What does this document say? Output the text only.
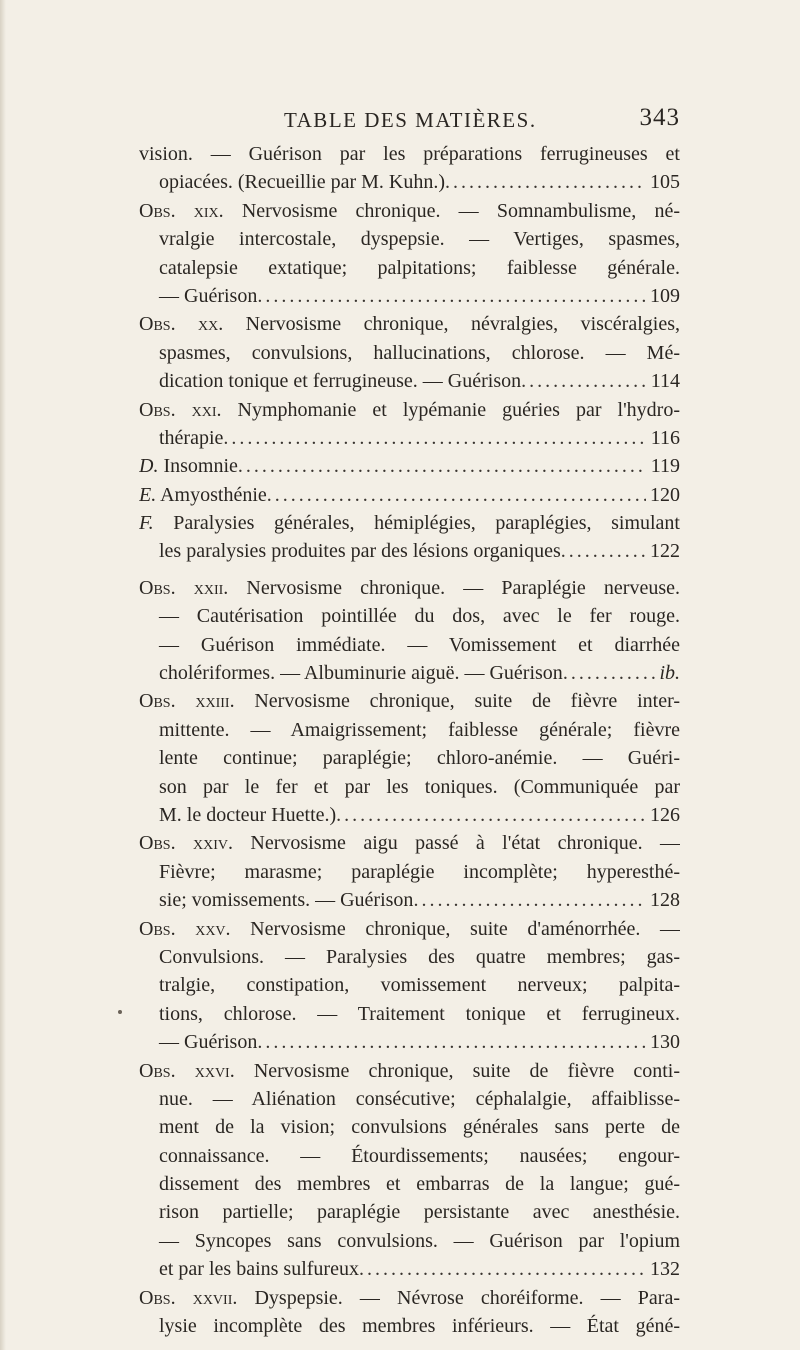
TABLE DES MATIÈRES.	343
vision. — Guérison par les préparations ferrugineuses et
opiacées. (Recueillie par M. Kuhn.) .....	105
Obs. xix. Nervosisme chronique. — Somnambulisme, né-
vralgie intercostale, dyspepsie. — Vertiges, spasmes,
catalepsie extatique; palpitations; faiblesse générale.
— Guérison .....	109
Obs. xx. Nervosisme chronique, névralgies, viscéralgies,
spasmes, convulsions, hallucinations, chlorose. — Mé-
dication tonique et ferrugineuse. — Guérison .....	114
Obs. xxi. Nymphomanie et lypémanie guéries par l'hydro-
thérapie .....	116
D. Insomnie .....	119
E. Amyosthénie .....	120
F. Paralysies générales, hémiplégies, paraplégies, simulant
les paralysies produites par des lésions organiques .....	122
Obs. xxii. Nervosisme chronique. — Paraplégie nerveuse.
— Cautérisation pointillée du dos, avec le fer rouge.
— Guérison immédiate. — Vomissement et diarrhée
cholériformes. — Albuminurie aiguë. — Guérison .....	ib.
Obs. xxiii. Nervosisme chronique, suite de fièvre inter-
mittente. — Amaigrissement; faiblesse générale; fièvre
lente continue; paraplégie; chloro-anémie. — Guéri-
son par le fer et par les toniques. (Communiquée par
M. le docteur Huette.) .....	126
Obs. xxiv. Nervosisme aigu passé à l'état chronique. —
Fièvre; marasme; paraplégie incomplète; hyperesthé-
sie; vomissements. — Guérison .....	128
Obs. xxv. Nervosisme chronique, suite d'aménorrhée. —
Convulsions. — Paralysies des quatre membres; gas-
tralgie, constipation, vomissement nerveux; palpita-
tions, chlorose. — Traitement tonique et ferrugineux.
— Guérison .....	130
Obs. xxvi. Nervosisme chronique, suite de fièvre conti-
nue. — Aliénation consécutive; céphalalgie, affaiblisse-
ment de la vision; convulsions générales sans perte de
connaissance. — Étourdissements; nausées; engour-
dissement des membres et embarras de la langue; gué-
rison partielle; paraplégie persistante avec anesthésie.
— Syncopes sans convulsions. — Guérison par l'opium
et par les bains sulfureux .....	132
Obs. xxvii. Dyspepsie. — Névrose choréiforme. — Para-
lysie incomplète des membres inférieurs. — État géné-
